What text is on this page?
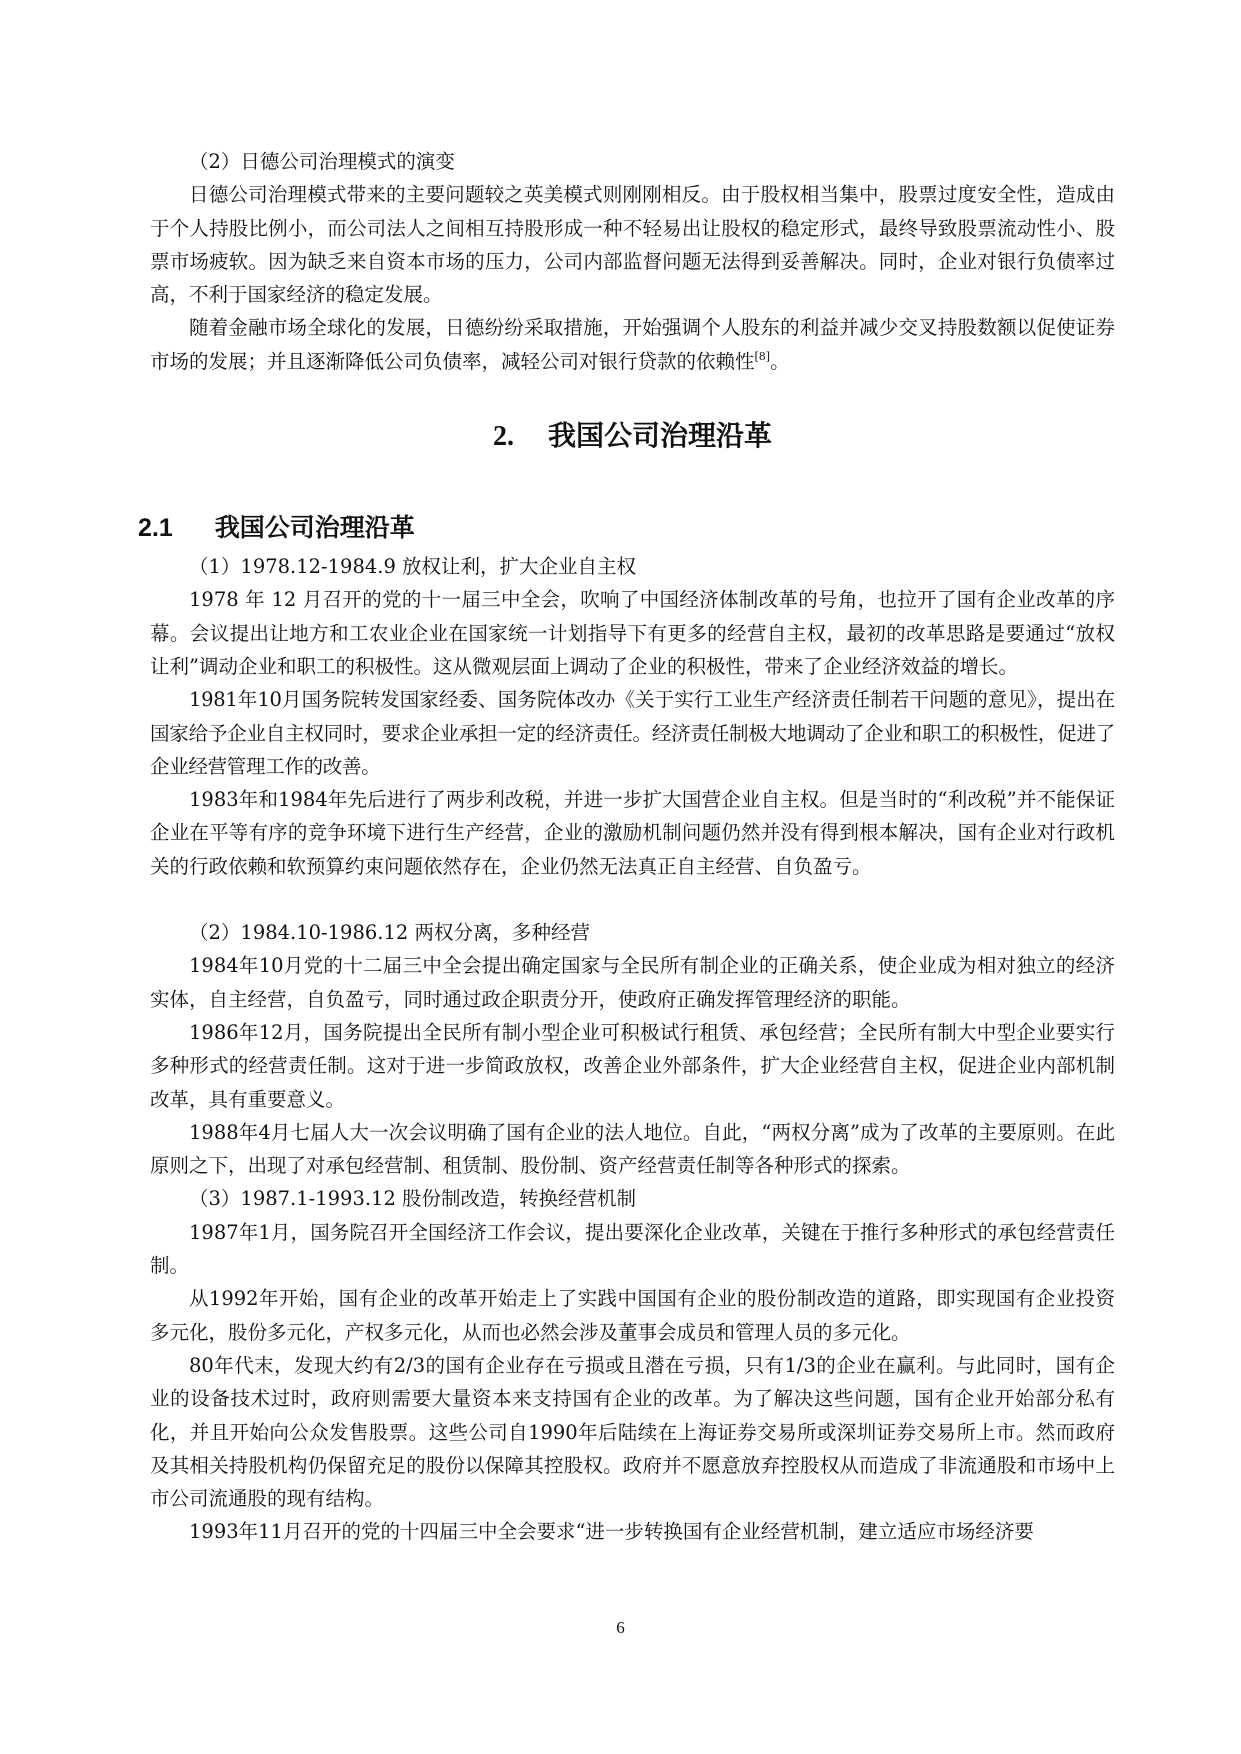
（2）日德公司治理模式的演变

日德公司治理模式带来的主要问题较之英美模式则刚刚相反。由于股权相当集中，股票过度安全性，造成由于个人持股比例小，而公司法人之间相互持股形成一种不轻易出让股权的稳定形式，最终导致股票流动性小、股票市场疲软。因为缺乏来自资本市场的压力，公司内部监督问题无法得到妥善解决。同时，企业对银行负债率过高，不利于国家经济的稳定发展。

随着金融市场全球化的发展，日德纷纷采取措施，开始强调个人股东的利益并减少交叉持股数额以促使证券市场的发展；并且逐渐降低公司负债率，减轻公司对银行贷款的依赖性[8]。

2. 我国公司治理沿革
2.1 我国公司治理沿革

（1）1978.12-1984.9 放权让利，扩大企业自主权

1978 年 12 月召开的党的十一届三中全会，吹响了中国经济体制改革的号角，也拉开了国有企业改革的序幕。会议提出让地方和工农业企业在国家统一计划指导下有更多的经营自主权，最初的改革思路是要通过“放权让利”调动企业和职工的积极性。这从微观层面上调动了企业的积极性，带来了企业经济效益的增长。

1981年10月国务院转发国家经委、国务院体改办《关于实行工业生产经济责任制若干问题的意见》，提出在国家给予企业自主权同时，要求企业承担一定的经济责任。经济责任制极大地调动了企业和职工的积极性，促进了企业经营管理工作的改善。

1983年和1984年先后进行了两步利改税，并进一步扩大国营企业自主权。但是当时的“利改税”并不能保证企业在平等有序的竞争环境下进行生产经营，企业的激励机制问题仍然并没有得到根本解决，国有企业对行政机关的行政依赖和软预算约束问题依然存在，企业仍然无法真正自主经营、自负盈亏。

（2）1984.10-1986.12 两权分离，多种经营

1984年10月党的十二届三中全会提出确定国家与全民所有制企业的正确关系，使企业成为相对独立的经济实体，自主经营，自负盈亏，同时通过政企职责分开，使政府正确发挥管理经济的职能。

1986年12月，国务院提出全民所有制小型企业可积极试行租赁、承包经营；全民所有制大中型企业要实行多种形式的经营责任制。这对于进一步简政放权，改善企业外部条件，扩大企业经营自主权，促进企业内部机制改革，具有重要意义。

1988年4月七届人大一次会议明确了国有企业的法人地位。自此，“两权分离”成为了改革的主要原则。在此原则之下，出现了对承包经营制、租赁制、股份制、资产经营责任制等各种形式的探索。

（3）1987.1-1993.12 股份制改造，转换经营机制

1987年1月，国务院召开全国经济工作会议，提出要深化企业改革，关键在于推行多种形式的承包经营责任制。

从1992年开始，国有企业的改革开始走上了实践中国国有企业的股份制改造的道路，即实现国有企业投资多元化，股份多元化，产权多元化，从而也必然会涉及董事会成员和管理人员的多元化。

80年代末，发现大约有2/3的国有企业存在亏损或且潜在亏损，只有1/3的企业在赢利。与此同时，国有企业的设备技术过时，政府则需要大量资本来支持国有企业的改革。为了解决这些问题，国有企业开始部分私有化，并且开始向公众发售股票。这些公司自1990年后陆续在上海证券交易所或深圳证券交易所上市。然而政府及其相关持股机构仍保留充足的股份以保障其控股权。政府并不愿意放弃控股权从而造成了非流通股和市场中上市公司流通股的现有结构。

1993年11月召开的党的十四届三中全会要求“进一步转换国有企业经营机制，建立适应市场经济要

6
